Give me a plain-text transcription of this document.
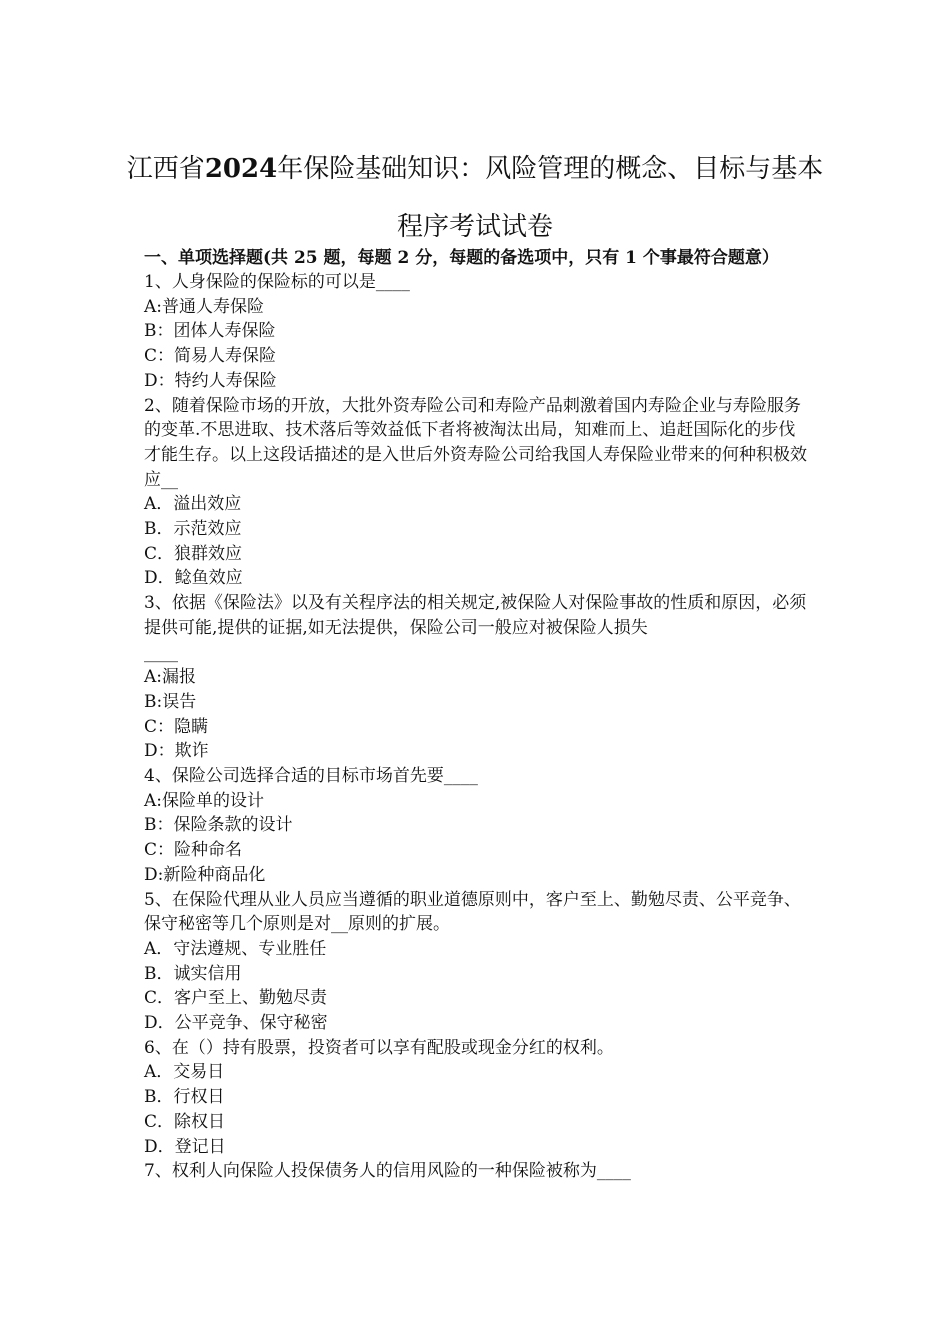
江西省2024年保险基础知识：风险管理的概念、目标与基本程序考试试卷

一、单项选择题(共 25 题，每题 2 分，每题的备选项中，只有 1 个事最符合题意）

1、人身保险的保险标的可以是____

A:普通人寿保险

B：团体人寿保险

C：简易人寿保险

D：特约人寿保险

2、随着保险市场的开放，大批外资寿险公司和寿险产品刺激着国内寿险企业与寿险服务的变革.不思进取、技术落后等效益低下者将被淘汰出局，知难而上、追赶国际化的步伐才能生存。以上这段话描述的是入世后外资寿险公司给我国人寿保险业带来的何种积极效应__

A．溢出效应

B．示范效应

C．狼群效应

D．鲶鱼效应

3、依据《保险法》以及有关程序法的相关规定,被保险人对保险事故的性质和原因，必须提供可能,提供的证据,如无法提供，保险公司一般应对被保险人损失

____

A:漏报

B:误告

C：隐瞒

D：欺诈

4、保险公司选择合适的目标市场首先要____

A:保险单的设计

B：保险条款的设计

C：险种命名

D:新险种商品化

5、在保险代理从业人员应当遵循的职业道德原则中，客户至上、勤勉尽责、公平竞争、保守秘密等几个原则是对__原则的扩展。

A．守法遵规、专业胜任

B．诚实信用

C．客户至上、勤勉尽责

D．公平竞争、保守秘密

6、在（）持有股票，投资者可以享有配股或现金分红的权利。

A．交易日

B．行权日

C．除权日

D．登记日

7、权利人向保险人投保债务人的信用风险的一种保险被称为____
